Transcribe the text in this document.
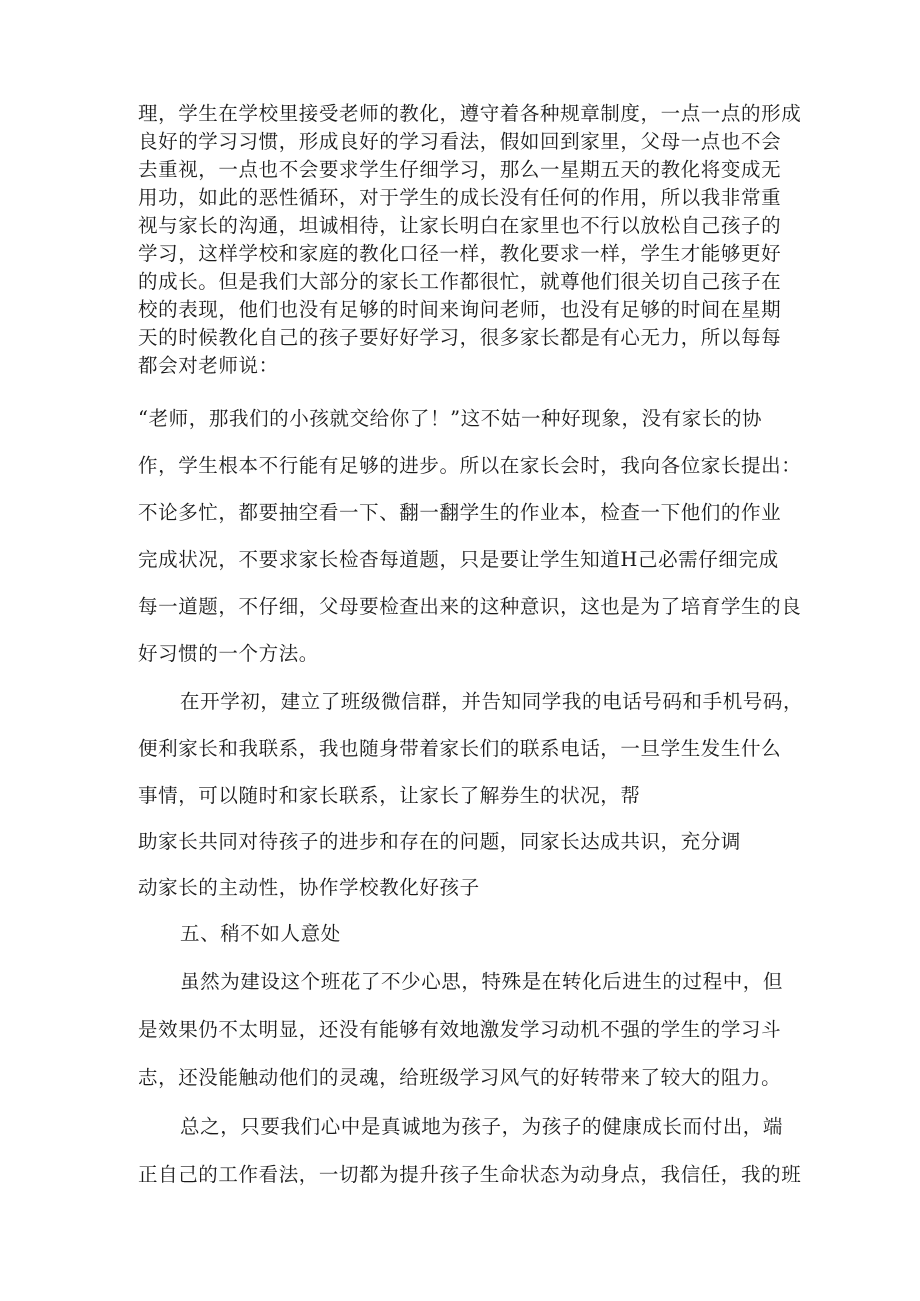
理，学生在学校里接受老师的教化，遵守着各种规章制度，一点一点的形成
良好的学习习惯，形成良好的学习看法，假如回到家里，父母一点也不会
去重视，一点也不会要求学生仔细学习，那么一星期五天的教化将变成无
用功，如此的恶性循环，对于学生的成长没有任何的作用，所以我非常重
视与家长的沟通，坦诚相待，让家长明白在家里也不行以放松自己孩子的
学习，这样学校和家庭的教化口径一样，教化要求一样，学生才能够更好
的成长。但是我们大部分的家长工作都很忙，就尊他们很关切自己孩子在
校的表现，他们也没有足够的时间来询问老师，也没有足够的时间在星期
天的时候教化自己的孩子要好好学习，很多家长都是有心无力，所以每每
都会对老师说：
“老师，那我们的小孩就交给你了！”这不姑一种好现象，没有家长的协
作，学生根本不行能有足够的进步。所以在家长会时，我向各位家长提出：
不论多忙，都要抽空看一下、翻一翻学生的作业本，检查一下他们的作业
完成状况，不要求家长检杳每道题，只是要让学生知道H己必需仔细完成
每一道题，不仔细，父母要检查出来的这种意识，这也是为了培育学生的良
好习惯的一个方法。
在开学初，建立了班级微信群，并告知同学我的电话号码和手机号码，
便利家长和我联系，我也随身带着家长们的联系电话，一旦学生发生什么
事情，可以随时和家长联系，让家长了解券生的状况，帮
助家长共同对待孩子的进步和存在的问题，同家长达成共识，充分调
动家长的主动性，协作学校教化好孩子
五、稍不如人意处
虽然为建设这个班花了不少心思，特殊是在转化后进生的过程中，但
是效果仍不太明显，还没有能够有效地激发学习动机不强的学生的学习斗
志，还没能触动他们的灵魂，给班级学习风气的好转带来了较大的阻力。
总之，只要我们心中是真诚地为孩子，为孩子的健康成长而付出，端
正自己的工作看法，一切都为提升孩子生命状态为动身点，我信任，我的班
